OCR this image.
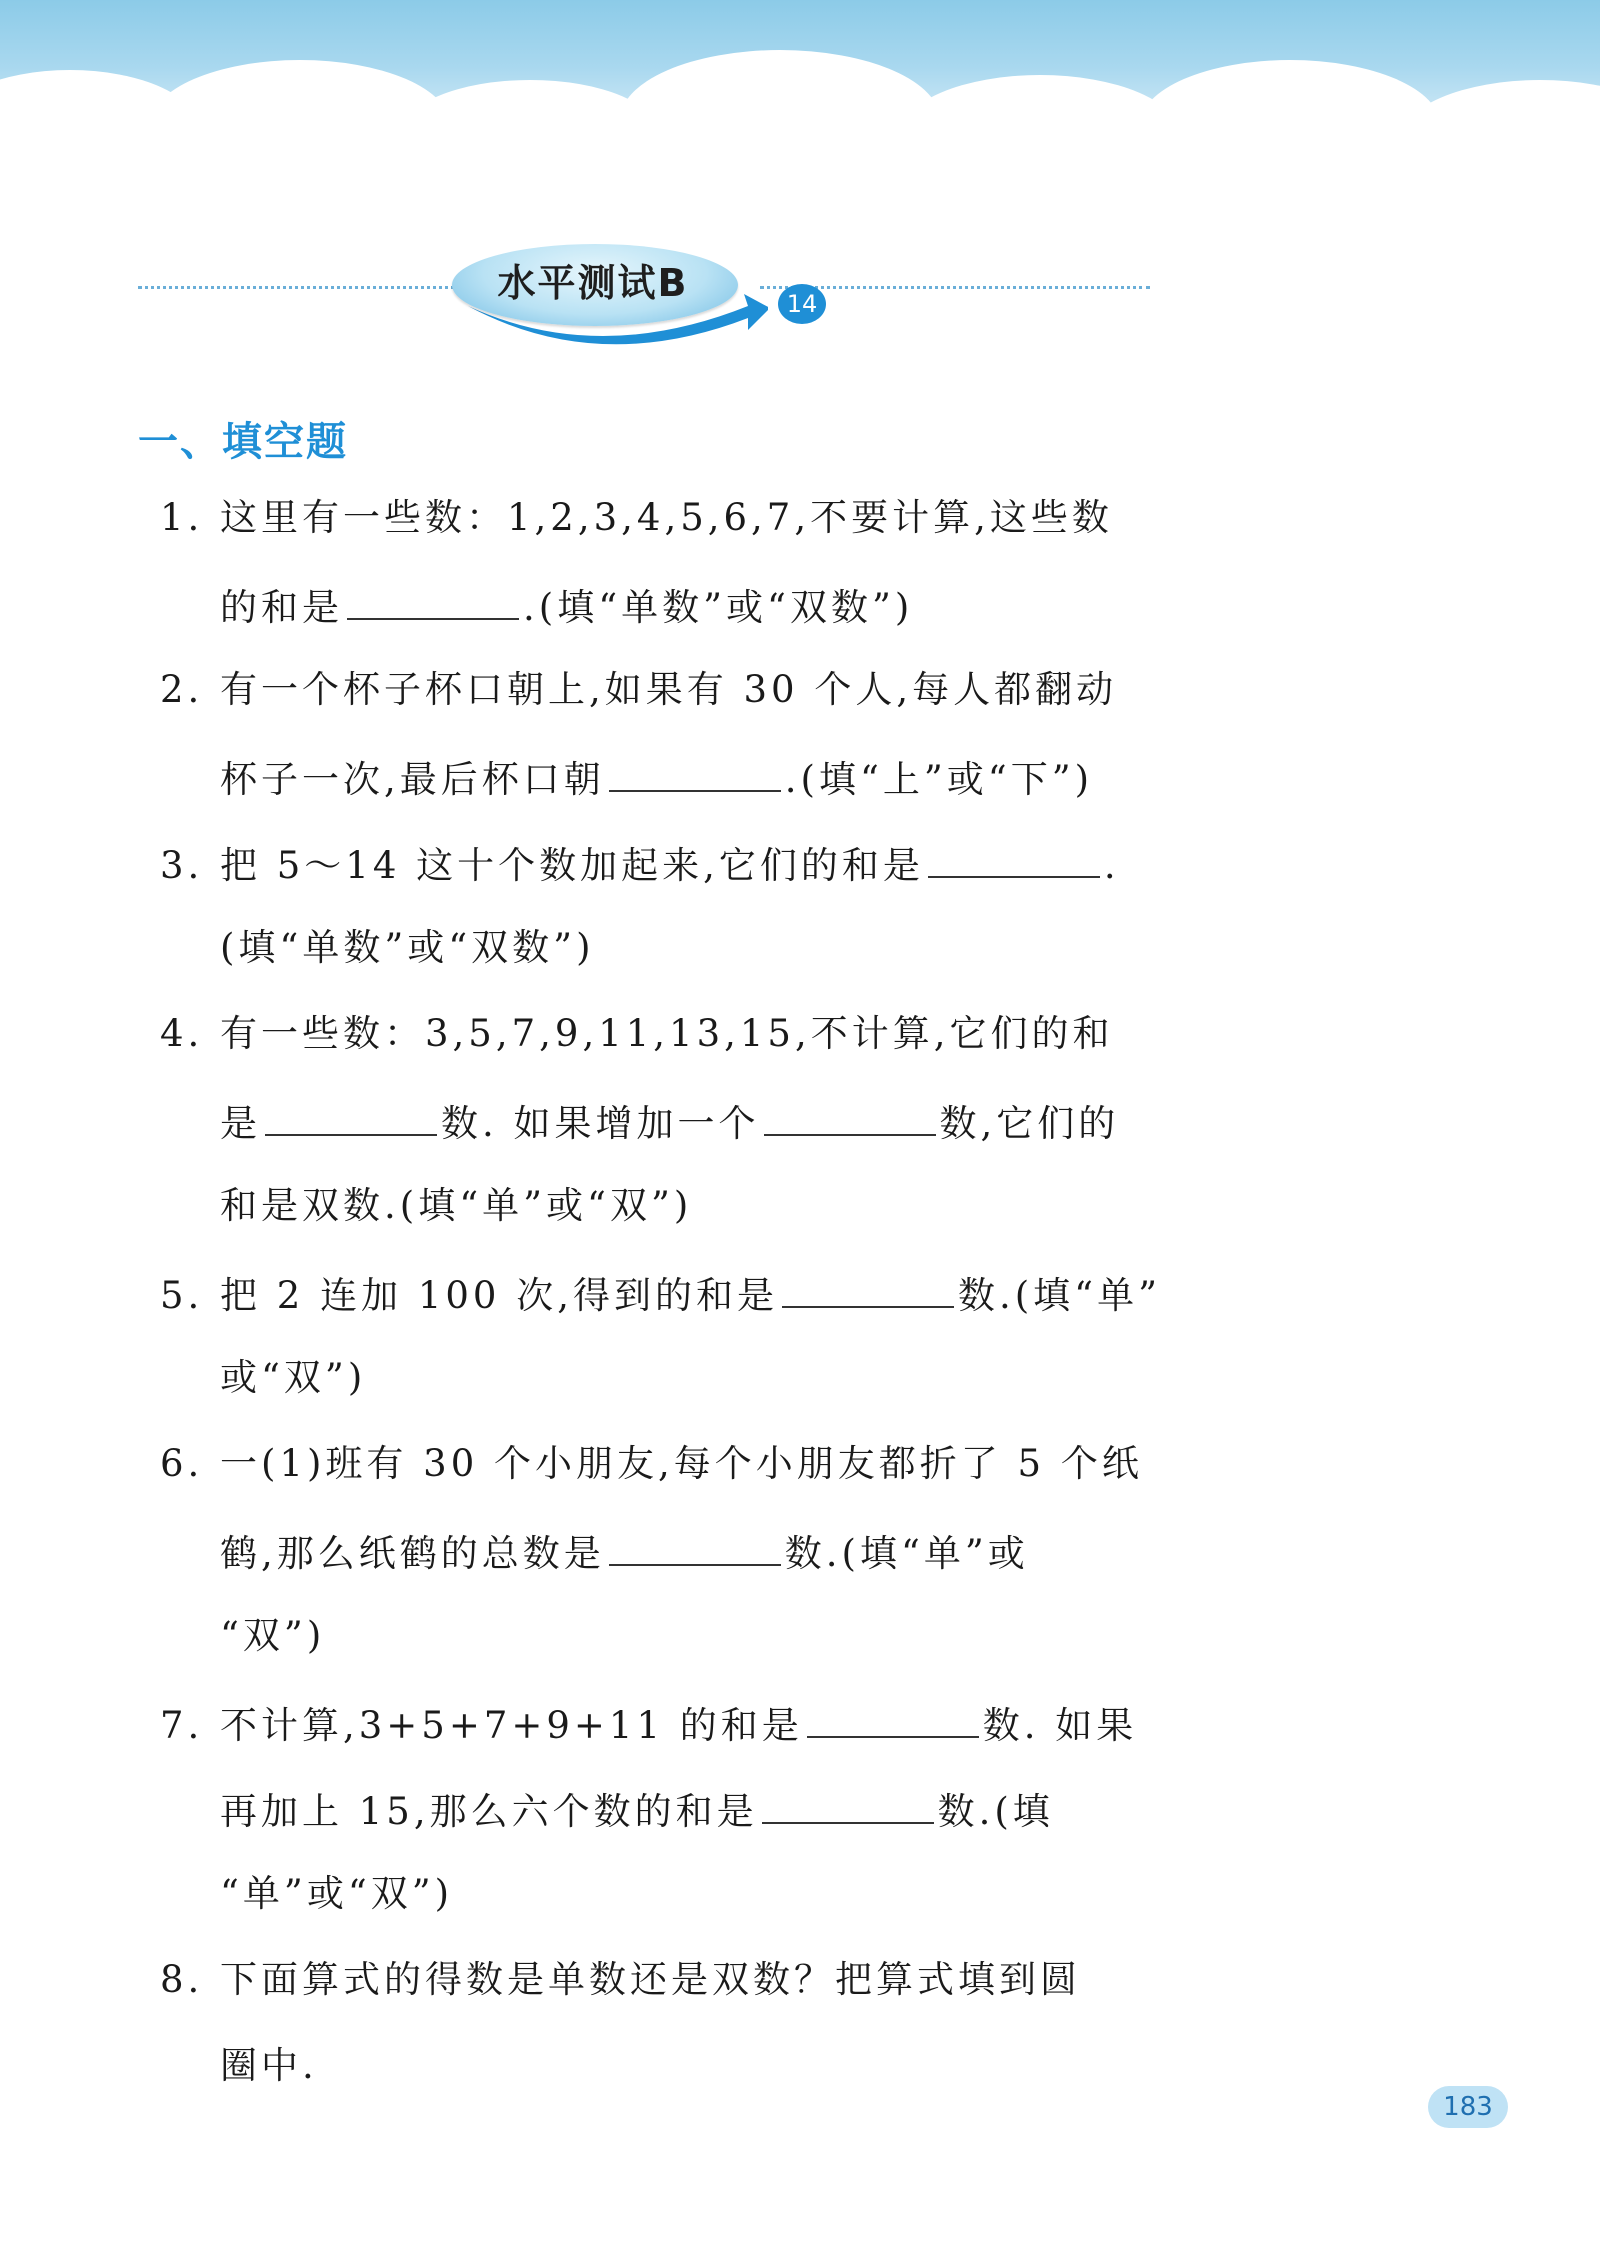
水平测试B	14
一、填空题
1. 这里有一些数：1,2,3,4,5,6,7,不要计算,这些数
的和是	.(填“单数”或“双数”)
2. 有一个杯子杯口朝上,如果有 30 个人,每人都翻动
杯子一次,最后杯口朝	.(填“上”或“下”)
3. 把 5～14 这十个数加起来,它们的和是	.
(填“单数”或“双数”)
4. 有一些数：3,5,7,9,11,13,15,不计算,它们的和
是	数. 如果增加一个	数,它们的
和是双数.(填“单”或“双”)
5. 把 2 连加 100 次,得到的和是	数.(填“单”
或“双”)
6. 一(1)班有 30 个小朋友,每个小朋友都折了 5 个纸
鹤,那么纸鹤的总数是	数.(填“单”或
“双”)
7. 不计算,3+5+7+9+11 的和是	数. 如果
再加上 15,那么六个数的和是	数.(填
“单”或“双”)
8. 下面算式的得数是单数还是双数？把算式填到圆
圈中.
183
